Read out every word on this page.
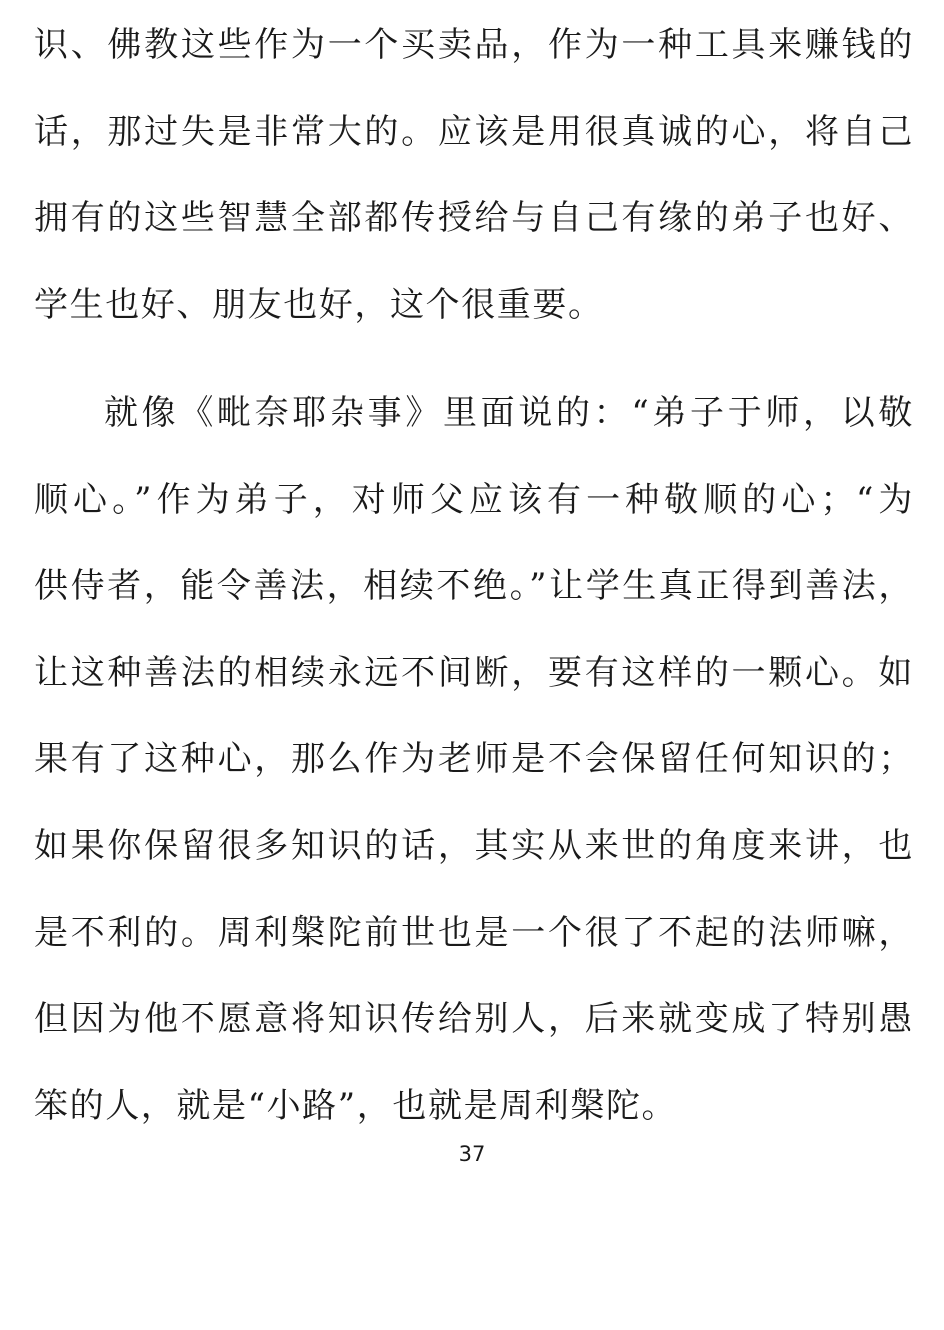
识、佛教这些作为一个买卖品，作为一种工具来赚钱的
话，那过失是非常大的。应该是用很真诚的心，将自己
拥有的这些智慧全部都传授给与自己有缘的弟子也好、
学生也好、朋友也好，这个很重要。
就像《毗奈耶杂事》里面说的：“弟子于师，以敬
顺心。”作为弟子，对师父应该有一种敬顺的心；“为
供侍者，能令善法，相续不绝。”让学生真正得到善法，
让这种善法的相续永远不间断，要有这样的一颗心。如
果有了这种心，那么作为老师是不会保留任何知识的；
如果你保留很多知识的话，其实从来世的角度来讲，也
是不利的。周利槃陀前世也是一个很了不起的法师嘛，
但因为他不愿意将知识传给别人，后来就变成了特别愚
笨的人，就是“小路”，也就是周利槃陀。
37
